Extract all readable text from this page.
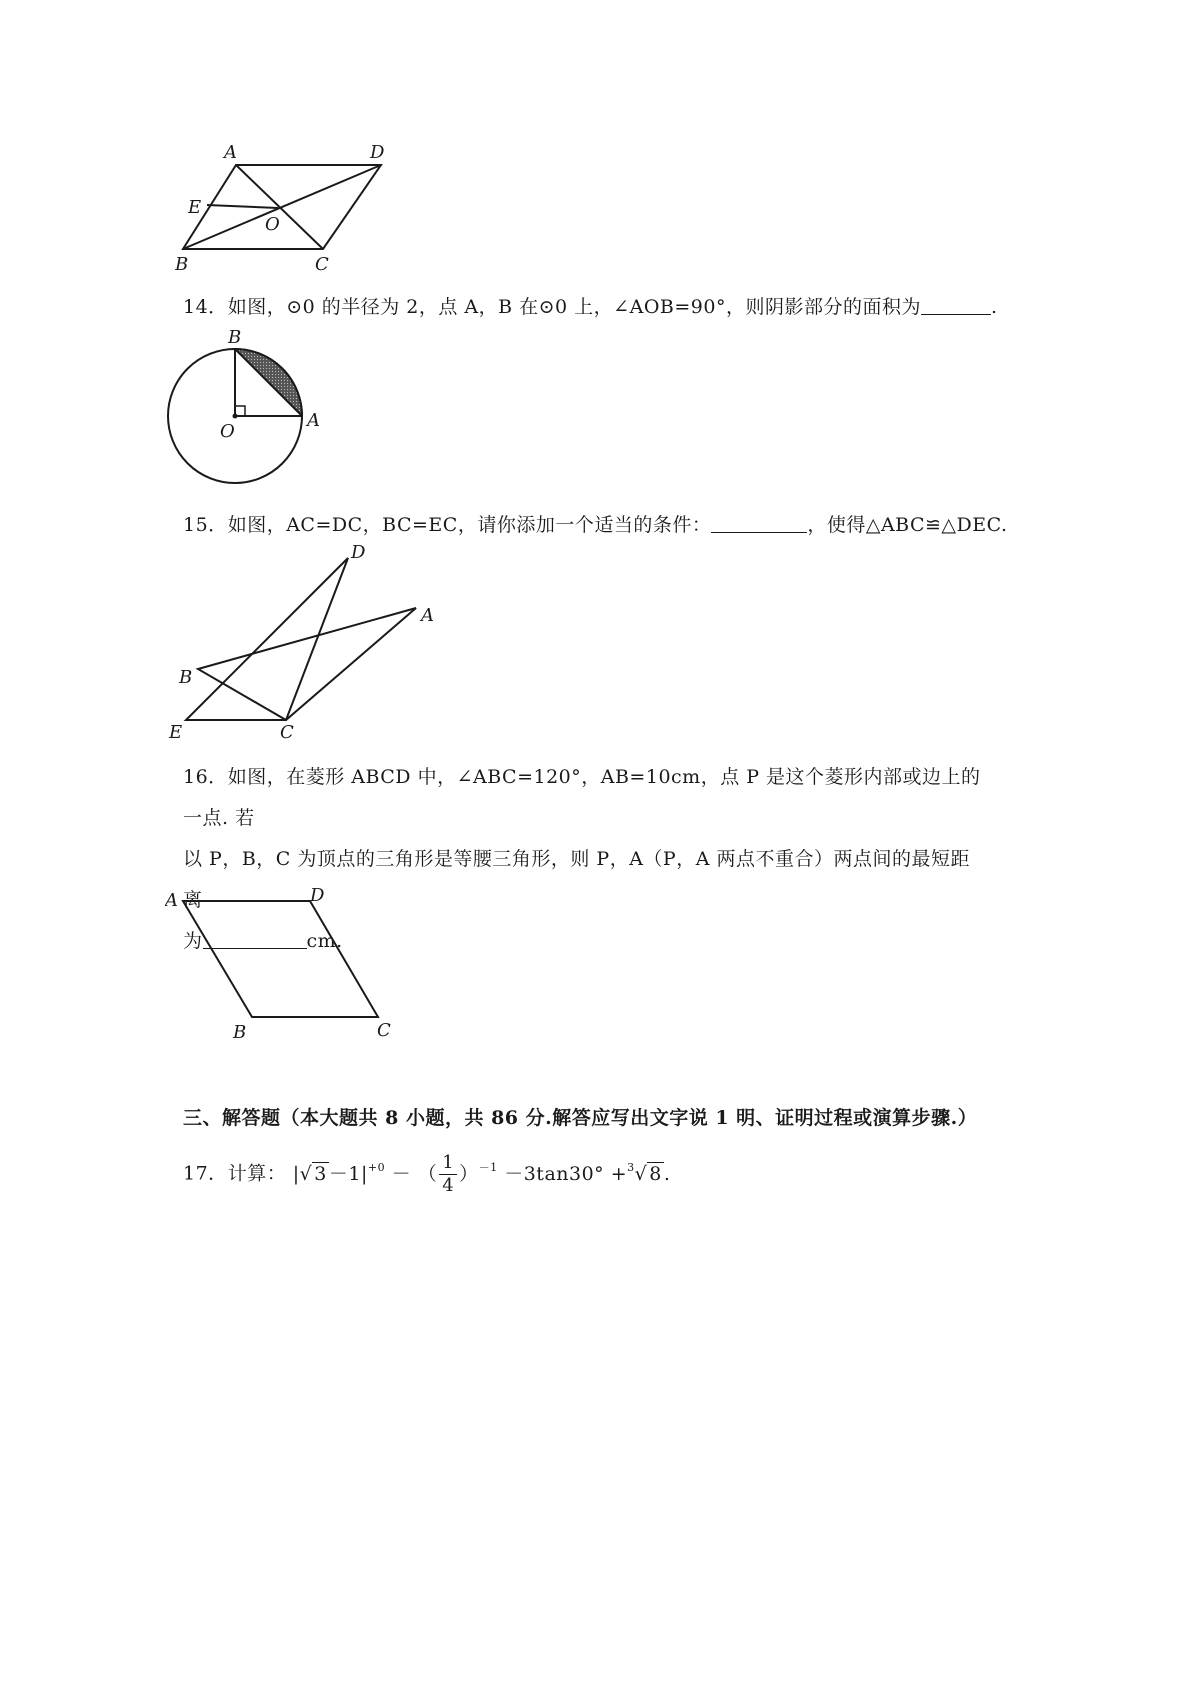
A	D
E
O
B	C
14．如图，⊙0 的半径为 2，点 A，B 在⊙0 上，∠AOB=90°，则阴影部分的面积为	.
B
O
A
15．如图，AC=DC，BC=EC，请你添加一个适当的条件：	，使得△ABC≌△DEC.
D
A
B
E	C
16．如图，在菱形 ABCD 中，∠ABC=120°，AB=10cm，点 P 是这个菱形内部或边上的一点. 若
以 P，B，C 为顶点的三角形是等腰三角形，则 P，A（P，A 两点不重合）两点间的最短距离
为	cm.
A	D
B	C
三、解答题（本大题共 8 小题，共 86 分.解答应写出文字说 1 明、证明过程或演算步骤.）
17．计算： |√ $3 -1|^{+0}$ － （ $\frac{1}{4} )^{-1} -3\tan 30^\circ +^3√$ 8 .
